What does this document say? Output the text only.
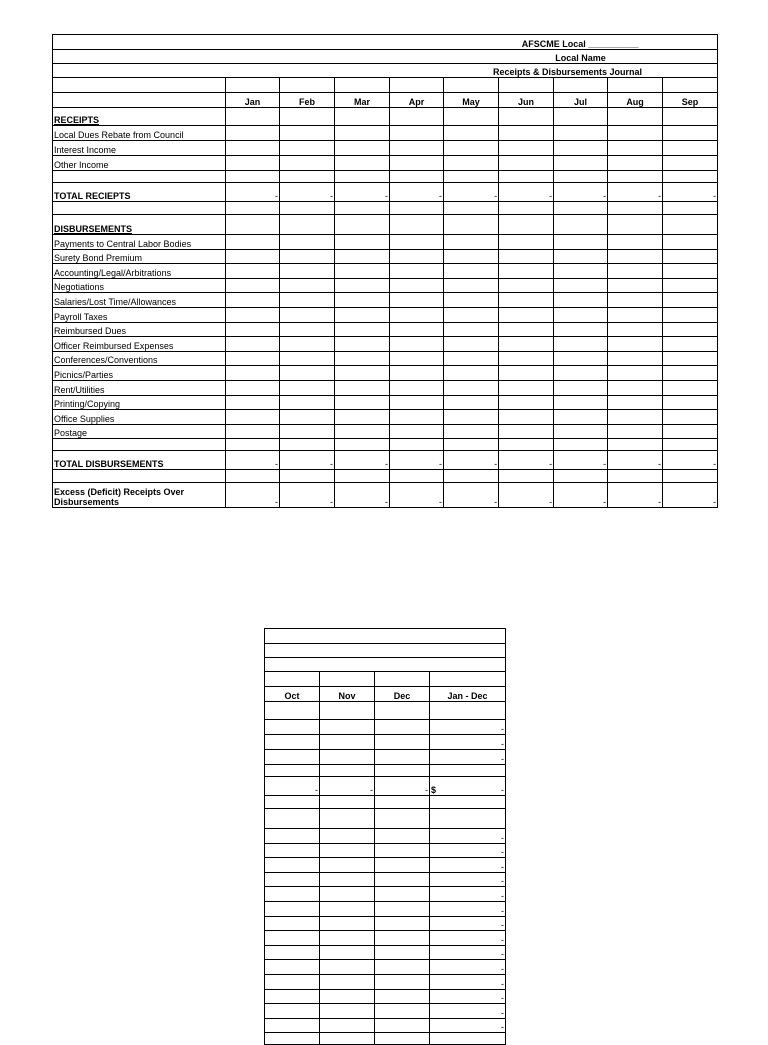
						AFSCME Local __________			
						Local Name			
					Receipts & Disbursements Journal				

	Jan	Feb	Mar	Apr	May	Jun	Jul	Aug	Sep
RECEIPTS									
Local Dues Rebate from Council									
Interest Income									
Other Income									

TOTAL RECIEPTS	-	-	-	-	-	-	-	-	-

DISBURSEMENTS									
Payments to Central Labor Bodies									
Surety Bond Premium									
Accounting/Legal/Arbitrations									
Negotiations									
Salaries/Lost Time/Allowances									
Payroll Taxes									
Reimbursed Dues									
Officer Reimbursed Expenses									
Conferences/Conventions									
Picnics/Parties									
Rent/Utilities									
Printing/Copying									
Office Supplies									
Postage									

TOTAL DISBURSEMENTS	-	-	-	-	-	-	-	-	-

Excess (Deficit) Receipts Over Disbursements	-	-	-	-	-	-	-	-	-

Oct	Nov	Dec	Jan - Dec

			-
			-
			-

-	-	-	$ -

			-
			-
			-
			-
			-
			-
			-
			-
			-
			-
			-
			-
			-
			-
